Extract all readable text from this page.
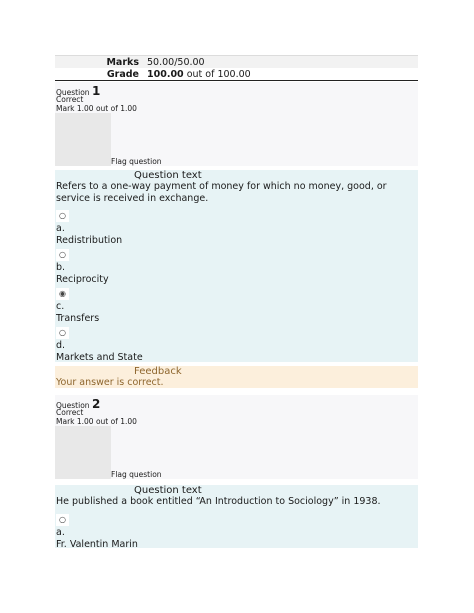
Marks 50.00/50.00
Grade 100.00 out of 100.00
Question 1
Correct
Mark 1.00 out of 1.00
Flag question
Question text
Refers to a one-way payment of money for which no money, good, or service is received in exchange.
○
a.
Redistribution
○
b.
Reciprocity
◉
c.
Transfers
○
d.
Markets and State
Feedback
Your answer is correct.
Question 2
Correct
Mark 1.00 out of 1.00
Flag question
Question text
He published a book entitled “An Introduction to Sociology” in 1938.
○
a.
Fr. Valentin Marin
